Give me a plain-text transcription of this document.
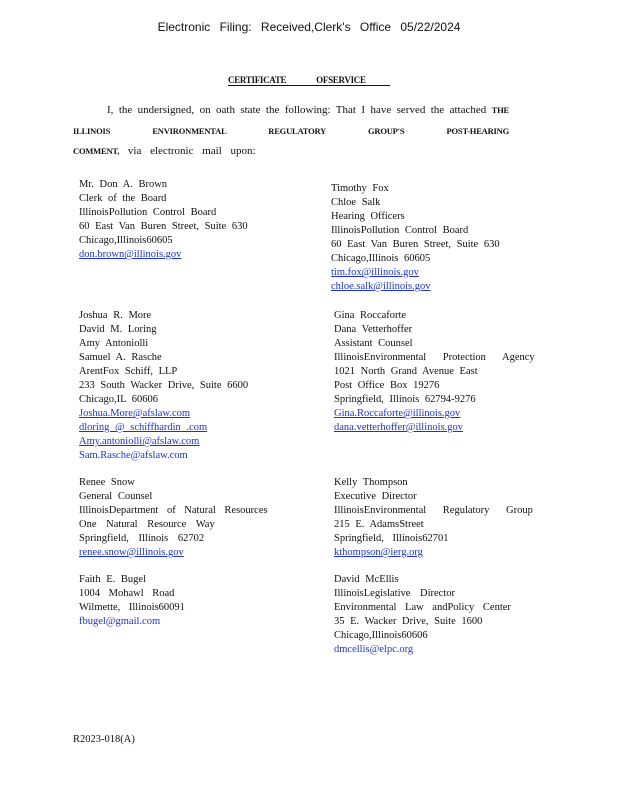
Electronic Filing: Received,Clerk's Office 05/22/2024
CERTIFICATE OFSERVICE
I, the undersigned, on oath state the following: That I have served the attached THE
ILLINOIS ENVIRONMENTAL REGULATORY GROUP'S POST-HEARING
COMMENT, via electronic mail upon:
Mr. Don A. Brown
Clerk of the Board
IllinoisPollution Control Board
60 East Van Buren Street, Suite 630
Chicago,Illinois60605
don.brown@illinois.gov
Timothy Fox
Chloe Salk
Hearing Officers
IllinoisPollution Control Board
60 East Van Buren Street, Suite 630
Chicago,Illinois 60605
tim.fox@illinois.gov
chloe.salk@illinois.gov
Joshua R. More
David M. Loring
Amy Antoniolli
Samuel A. Rasche
ArentFox Schiff, LLP
233 South Wacker Drive, Suite 6600
Chicago,IL 60606
Joshua.More@afslaw.com
dloring @ schiffhardin .com
Amy.antoniolli@afslaw.com
Sam.Rasche@afslaw.com
Gina Roccaforte
Dana Vetterhoffer
Assistant Counsel
IllinoisEnvironmental Protection Agency
1021 North Grand Avenue East
Post Office Box 19276
Springfield, Illinois 62794-9276
Gina.Roccaforte@illinois.gov
dana.vetterhoffer@illinois.gov
Renee Snow
General Counsel
IllinoisDepartment of Natural Resources
One Natural Resource Way
Springfield, Illinois 62702
renee.snow@illinois.gov
Kelly Thompson
Executive Director
IllinoisEnvironmental Regulatory Group
215 E. AdamsStreet
Springfield, Illinois62701
kthompson@ierg.org
Faith E. Bugel
1004 Mohawl Road
Wilmette, Illinois60091
fbugel@gmail.com
David McEllis
IllinoisLegislative Director
Environmental Law andPolicy Center
35 E. Wacker Drive, Suite 1600
Chicago,Illinois60606
dmcellis@elpc.org
R2023-018(A)
